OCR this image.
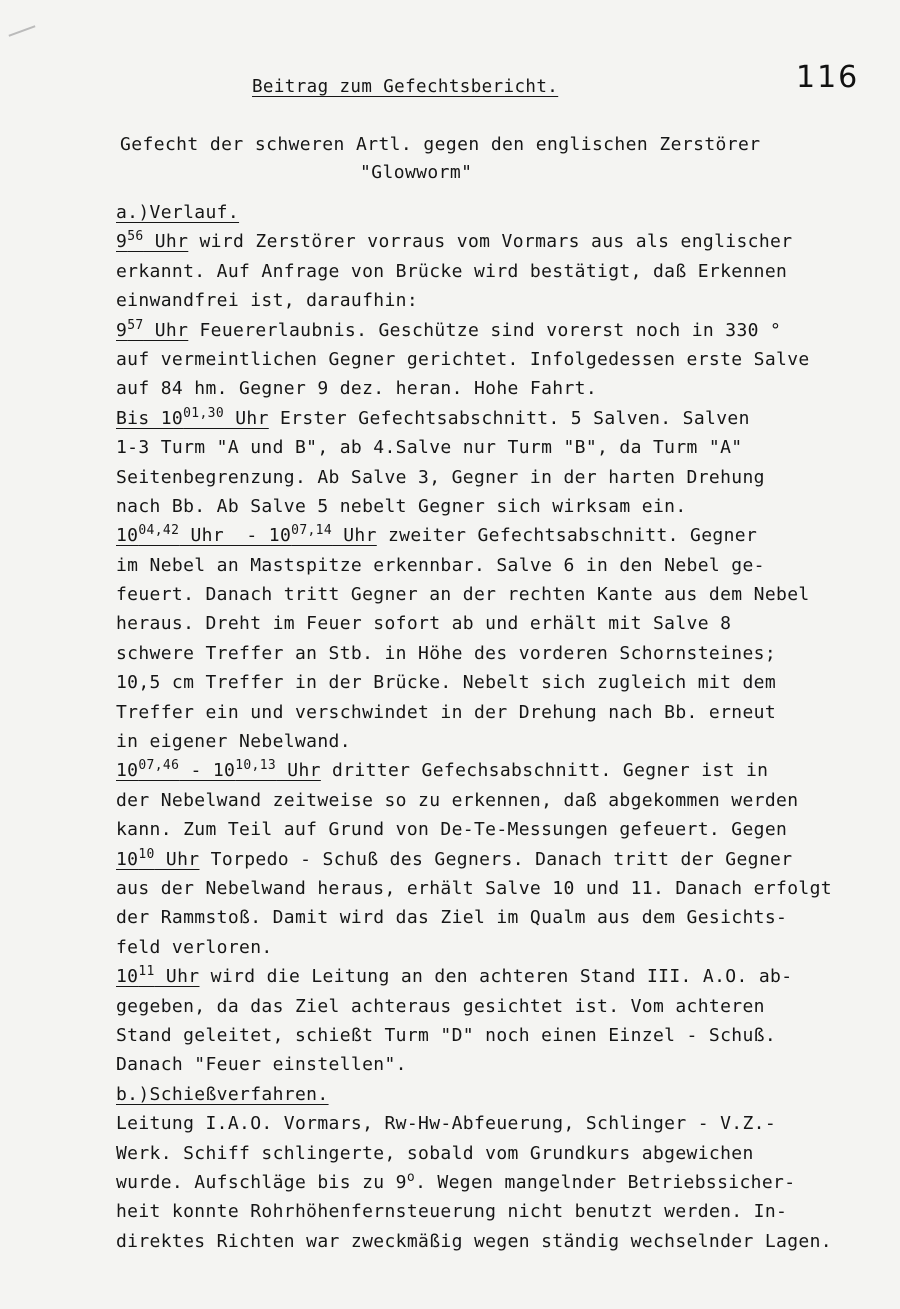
Beitrag zum Gefechtsbericht.	116
Gefecht der schweren Artl. gegen den englischen Zerstörer
"Glowworm"
a.)Verlauf.
$9^{56}$ Uhr wird Zerstörer vorraus vom Vormars aus als englischer
erkannt. Auf Anfrage von Brücke wird bestätigt, daß Erkennen
einwandfrei ist, daraufhin:
$9^{57}$ Uhr Feuererlaubnis. Geschütze sind vorerst noch in 330 °
auf vermeintlichen Gegner gerichtet. Infolgedessen erste Salve
auf 84 hm. Gegner 9 dez. heran. Hohe Fahrt.
Bis 10$^{01,30}$ Uhr Erster Gefechtsabschnitt. 5 Salven. Salven
1-3 Turm "A und B", ab 4.Salve nur Turm "B", da Turm "A"
Seitenbegrenzung. Ab Salve 3, Gegner in der harten Drehung
nach Bb. Ab Salve 5 nebelt Gegner sich wirksam ein.
10$^{04,42}$ Uhr  - 10$^{07,14}$ Uhr zweiter Gefechtsabschnitt. Gegner
im Nebel an Mastspitze erkennbar. Salve 6 in den Nebel ge-
feuert. Danach tritt Gegner an der rechten Kante aus dem Nebel
heraus. Dreht im Feuer sofort ab und erhält mit Salve 8
schwere Treffer an Stb. in Höhe des vorderen Schornsteines;
10,5 cm Treffer in der Brücke. Nebelt sich zugleich mit dem
Treffer ein und verschwindet in der Drehung nach Bb. erneut
in eigener Nebelwand.
10$^{07,46}$ - 10$^{10,13}$ Uhr dritter Gefechsabschnitt. Gegner ist in
der Nebelwand zeitweise so zu erkennen, daß abgekommen werden
kann. Zum Teil auf Grund von De-Te-Messungen gefeuert. Gegen
$10^{10}$ Uhr Torpedo - Schuß des Gegners. Danach tritt der Gegner
aus der Nebelwand heraus, erhält Salve 10 und 11. Danach erfolgt
der Rammstoß. Damit wird das Ziel im Qualm aus dem Gesichts-
feld verloren.
$10^{11}$ Uhr wird die Leitung an den achteren Stand III. A.O. ab-
gegeben, da das Ziel achteraus gesichtet ist. Vom achteren
Stand geleitet, schießt Turm "D" noch einen Einzel - Schuß.
Danach "Feuer einstellen".
b.)Schießverfahren.
Leitung I.A.O. Vormars, Rw-Hw-Abfeuerung, Schlinger - V.Z.-
Werk. Schiff schlingerte, sobald vom Grundkurs abgewichen
wurde. Aufschläge bis zu 9$^o$. Wegen mangelnder Betriebssicher-
heit konnte Rohrhöhenfernsteuerung nicht benutzt werden. In-
direktes Richten war zweckmäßig wegen ständig wechselnder Lagen.
